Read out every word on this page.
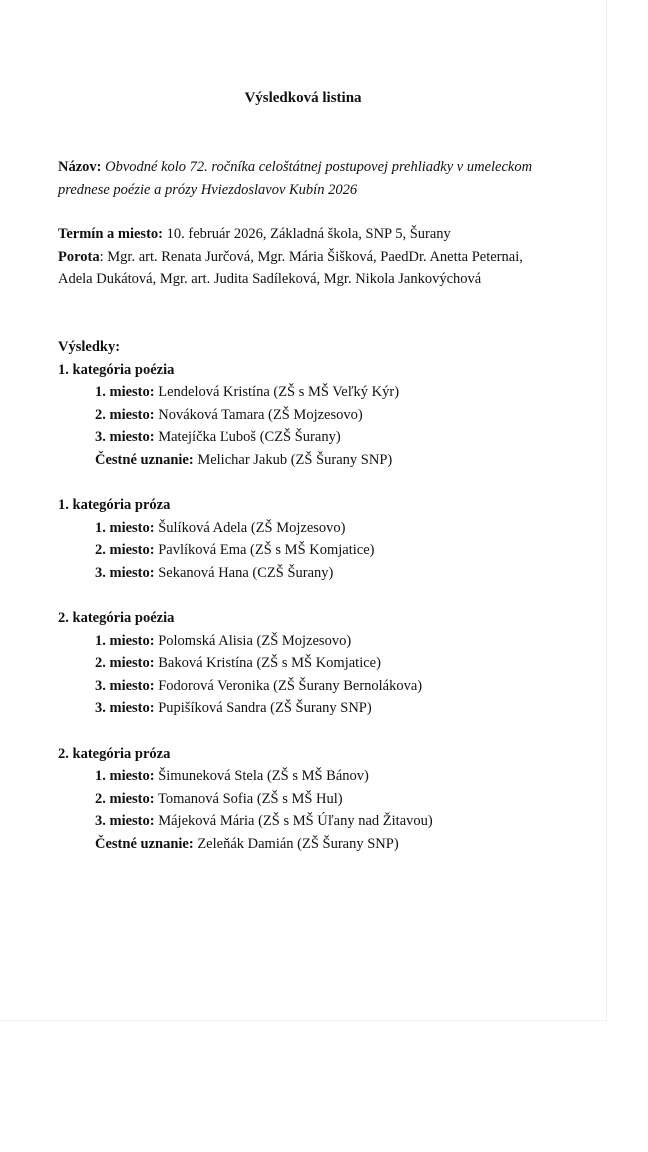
Výsledková listina
Názov: Obvodné kolo 72. ročníka celoštátnej postupovej prehliadky v umeleckom
prednese poézie a prózy Hviezdoslavov Kubín 2026
Termín a miesto: 10. február 2026, Základná škola, SNP 5, Šurany
Porota: Mgr. art. Renata Jurčová, Mgr. Mária Šišková, PaedDr. Anetta Peternai,
Adela Dukátová, Mgr. art. Judita Sadíleková, Mgr. Nikola Jankovýchová
Výsledky:
1. kategória poézia
1. miesto: Lendelová Kristína (ZŠ s MŠ Veľký Kýr)
2. miesto: Nováková Tamara (ZŠ Mojzesovo)
3. miesto: Matejíčka Ľuboš (CZŠ Šurany)
Čestné uznanie: Melichar Jakub (ZŠ Šurany SNP)
1. kategória próza
1. miesto: Šulíková Adela (ZŠ Mojzesovo)
2. miesto: Pavlíková Ema (ZŠ s MŠ Komjatice)
3. miesto: Sekanová Hana (CZŠ Šurany)
2. kategória poézia
1. miesto: Polomská Alisia (ZŠ Mojzesovo)
2. miesto: Baková Kristína (ZŠ s MŠ Komjatice)
3. miesto: Fodorová Veronika (ZŠ Šurany Bernolákova)
3. miesto: Pupišíková Sandra (ZŠ Šurany SNP)
2. kategória próza
1. miesto: Šimuneková Stela (ZŠ s MŠ Bánov)
2. miesto: Tomanová Sofia (ZŠ s MŠ Hul)
3. miesto: Májeková Mária (ZŠ s MŠ Úľany nad Žitavou)
Čestné uznanie: Zeleňák Damián (ZŠ Šurany SNP)
